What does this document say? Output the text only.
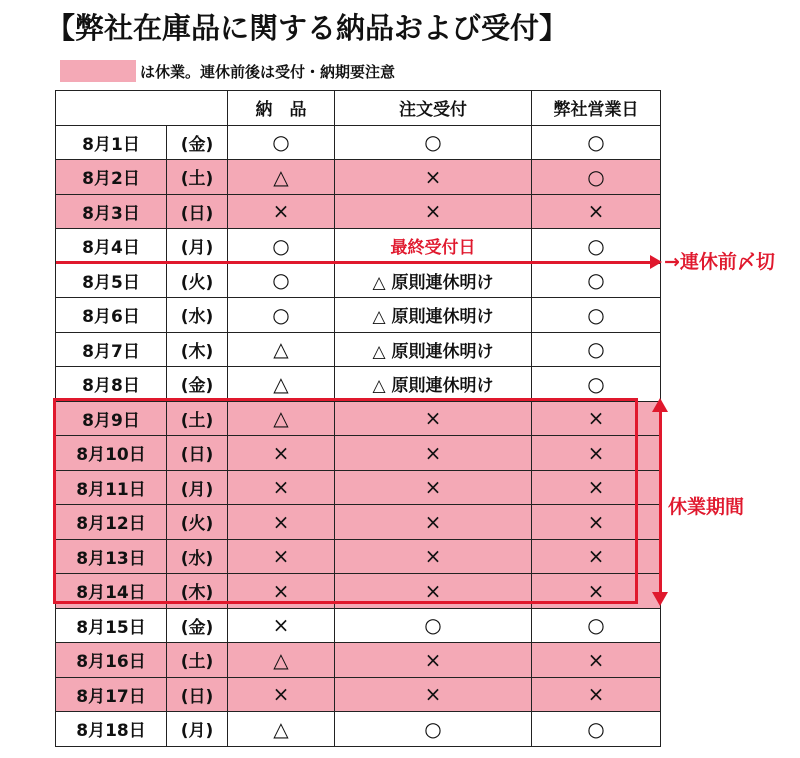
【弊社在庫品に関する納品および受付】
は休業。連休前後は受付・納期要注意
		納　品	注文受付	弊社営業日
8月1日	(金)	○	○	○
8月2日	(土)	△	×	○
8月3日	(日)	×	×	×
8月4日	(月)	○	最終受付日	○
8月5日	(火)	○	△ 原則連休明け	○
8月6日	(水)	○	△ 原則連休明け	○
8月7日	(木)	△	△ 原則連休明け	○
8月8日	(金)	△	△ 原則連休明け	○
8月9日	(土)	△	×	×
8月10日	(日)	×	×	×
8月11日	(月)	×	×	×
8月12日	(火)	×	×	×
8月13日	(水)	×	×	×
8月14日	(木)	×	×	×
8月15日	(金)	×	○	○
8月16日	(土)	△	×	×
8月17日	(日)	×	×	×
8月18日	(月)	△	○	○
→連休前〆切
休業期間
